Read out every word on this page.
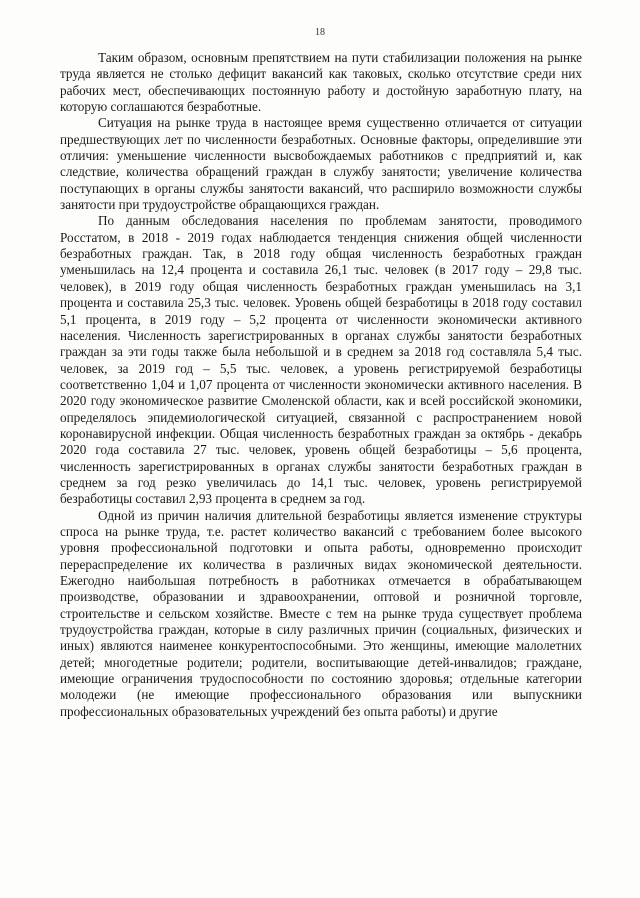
18

Таким образом, основным препятствием на пути стабилизации положения на рынке труда является не столько дефицит вакансий как таковых, сколько отсутствие среди них рабочих мест, обеспечивающих постоянную работу и достойную заработную плату, на которую соглашаются безработные.

Ситуация на рынке труда в настоящее время существенно отличается от ситуации предшествующих лет по численности безработных. Основные факторы, определившие эти отличия: уменьшение численности высвобождаемых работников с предприятий и, как следствие, количества обращений граждан в службу занятости; увеличение количества поступающих в органы службы занятости вакансий, что расширило возможности службы занятости при трудоустройстве обращающихся граждан.

По данным обследования населения по проблемам занятости, проводимого Росстатом, в 2018 - 2019 годах наблюдается тенденция снижения общей численности безработных граждан. Так, в 2018 году общая численность безработных граждан уменьшилась на 12,4 процента и составила 26,1 тыс. человек (в 2017 году – 29,8 тыс. человек), в 2019 году общая численность безработных граждан уменьшилась на 3,1 процента и составила 25,3 тыс. человек. Уровень общей безработицы в 2018 году составил 5,1 процента, в 2019 году – 5,2 процента от численности экономически активного населения. Численность зарегистрированных в органах службы занятости безработных граждан за эти годы также была небольшой и в среднем за 2018 год составляла 5,4 тыс. человек, за 2019 год – 5,5 тыс. человек, а уровень регистрируемой безработицы соответственно 1,04 и 1,07 процента от численности экономически активного населения. В 2020 году экономическое развитие Смоленской области, как и всей российской экономики, определялось эпидемиологической ситуацией, связанной с распространением новой коронавирусной инфекции. Общая численность безработных граждан за октябрь - декабрь 2020 года составила 27 тыс. человек, уровень общей безработицы – 5,6 процента, численность зарегистрированных в органах службы занятости безработных граждан в среднем за год резко увеличилась до 14,1 тыс. человек, уровень регистрируемой безработицы составил 2,93 процента в среднем за год.

Одной из причин наличия длительной безработицы является изменение структуры спроса на рынке труда, т.е. растет количество вакансий с требованием более высокого уровня профессиональной подготовки и опыта работы, одновременно происходит перераспределение их количества в различных видах экономической деятельности. Ежегодно наибольшая потребность в работниках отмечается в обрабатывающем производстве, образовании и здравоохранении, оптовой и розничной торговле, строительстве и сельском хозяйстве. Вместе с тем на рынке труда существует проблема трудоустройства граждан, которые в силу различных причин (социальных, физических и иных) являются наименее конкурентоспособными. Это женщины, имеющие малолетних детей; многодетные родители; родители, воспитывающие детей-инвалидов; граждане, имеющие ограничения трудоспособности по состоянию здоровья; отдельные категории молодежи (не имеющие профессионального образования или выпускники профессиональных образовательных учреждений без опыта работы) и другие
